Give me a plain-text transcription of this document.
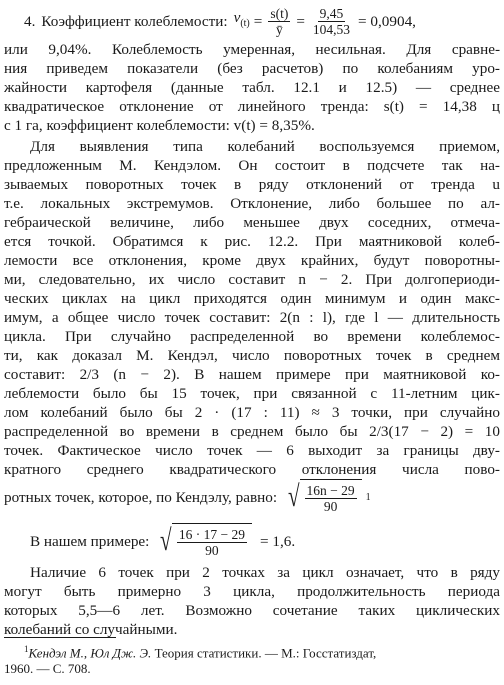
4. Коэффициент колеблемости: $v_{(t)} = \frac{s(t)}{ȳ} = \frac{9,45}{104,53} = 0,0904$,
или 9,04%. Колеблемость умеренная, несильная. Для сравне-
ния приведем показатели (без расчетов) по колебаниям уро-
жайности картофеля (данные табл. 12.1 и 12.5) — среднее
квадратическое отклонение от линейного тренда: s(t) = 14,38 ц
с 1 га, коэффициент колеблемости: v(t) = 8,35%.
Для выявления типа колебаний воспользуемся приемом,
предложенным М. Кендэлом. Он состоит в подсчете так на-
зываемых поворотных точек в ряду отклонений от тренда u
т.е. локальных экстремумов. Отклонение, либо большее по ал-
гебраической величине, либо меньшее двух соседних, отмеча-
ется точкой. Обратимся к рис. 12.2. При маятниковой колеб-
лемости все отклонения, кроме двух крайних, будут поворотны-
ми, следовательно, их число составит n − 2. При долгопериоди-
ческих циклах на цикл приходятся один минимум и один макс-
имум, а общее число точек составит: 2(n : l), где l — длительность
цикла. При случайно распределенной во времени колеблемос-
ти, как доказал М. Кендэл, число поворотных точек в среднем
составит: 2/3 (n − 2). В нашем примере при маятниковой ко-
леблемости было бы 15 точек, при связанной с 11-летним цик-
лом колебаний было бы 2 · (17 : 11) ≈ 3 точки, при случайно
распределенной во времени в среднем было бы 2/3(17 − 2) = 10
точек. Фактическое число точек — 6 выходит за границы дву-
кратного среднего квадратического отклонения числа пово-
ротных точек, которое, по Кендэлу, равно: √ $\frac{16n - 29}{90} 1$
В нашем примере: √ $\frac{16 \cdot 17 - 29}{90} = 1,6$.
Наличие 6 точек при 2 точках за цикл означает, что в ряду
могут быть примерно 3 цикла, продолжительность периода
которых 5,5—6 лет. Возможно сочетание таких циклических
колебаний со случайными.
$^1$Кендэл М., Юл Дж. Э. Теория статистики. — М.: Госстатиздат,
1960. — С. 708.
